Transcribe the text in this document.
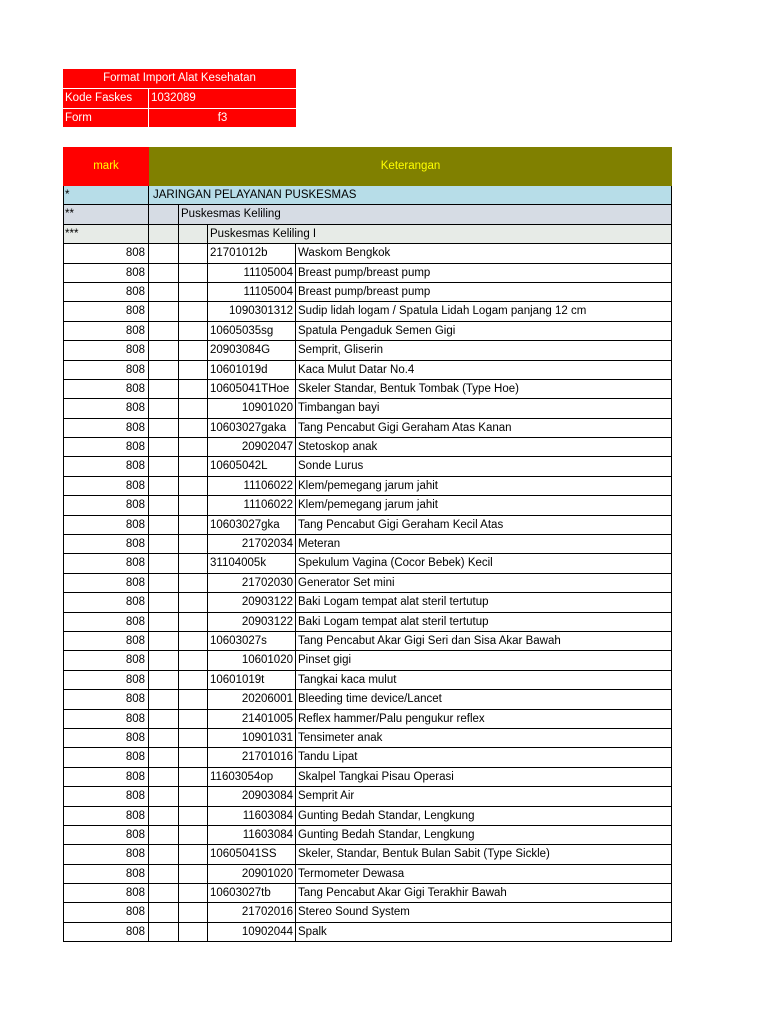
Format Import Alat Kesehatan
Kode Faskes	1032089
Form	f3
mark	Keterangan
*	JARINGAN PELAYANAN PUSKESMAS
**	Puskesmas Keliling
***	Puskesmas Keliling I
808	21701012b	Waskom Bengkok
808	11105004 Breast pump/breast pump
808	11105004 Breast pump/breast pump
808	1090301312 Sudip lidah logam / Spatula Lidah Logam panjang 12 cm
808	10605035sg	Spatula Pengaduk Semen Gigi
808	20903084G	Semprit, Gliserin
808	10601019d	Kaca Mulut Datar No.4
808	10605041THoe Skeler Standar, Bentuk Tombak (Type Hoe)
808	10901020 Timbangan bayi
808	10603027gaka	Tang Pencabut Gigi Geraham Atas Kanan
808	20902047 Stetoskop anak
808	10605042L	Sonde Lurus
808	11106022 Klem/pemegang jarum jahit
808	11106022 Klem/pemegang jarum jahit
808	10603027gka	Tang Pencabut Gigi Geraham Kecil Atas
808	21702034 Meteran
808	31104005k	Spekulum Vagina (Cocor Bebek) Kecil
808	21702030 Generator Set mini
808	20903122 Baki Logam tempat alat steril tertutup
808	20903122 Baki Logam tempat alat steril tertutup
808	10603027s	Tang Pencabut Akar Gigi Seri dan Sisa Akar Bawah
808	10601020 Pinset gigi
808	10601019t	Tangkai kaca mulut
808	20206001 Bleeding time device/Lancet
808	21401005 Reflex hammer/Palu pengukur reflex
808	10901031 Tensimeter anak
808	21701016 Tandu Lipat
808	11603054op	Skalpel Tangkai Pisau Operasi
808	20903084 Semprit Air
808	11603084 Gunting Bedah Standar, Lengkung
808	11603084 Gunting Bedah Standar, Lengkung
808	10605041SS	Skeler, Standar, Bentuk Bulan Sabit (Type Sickle)
808	20901020 Termometer Dewasa
808	10603027tb	Tang Pencabut Akar Gigi Terakhir Bawah
808	21702016 Stereo Sound System
808	10902044 Spalk
